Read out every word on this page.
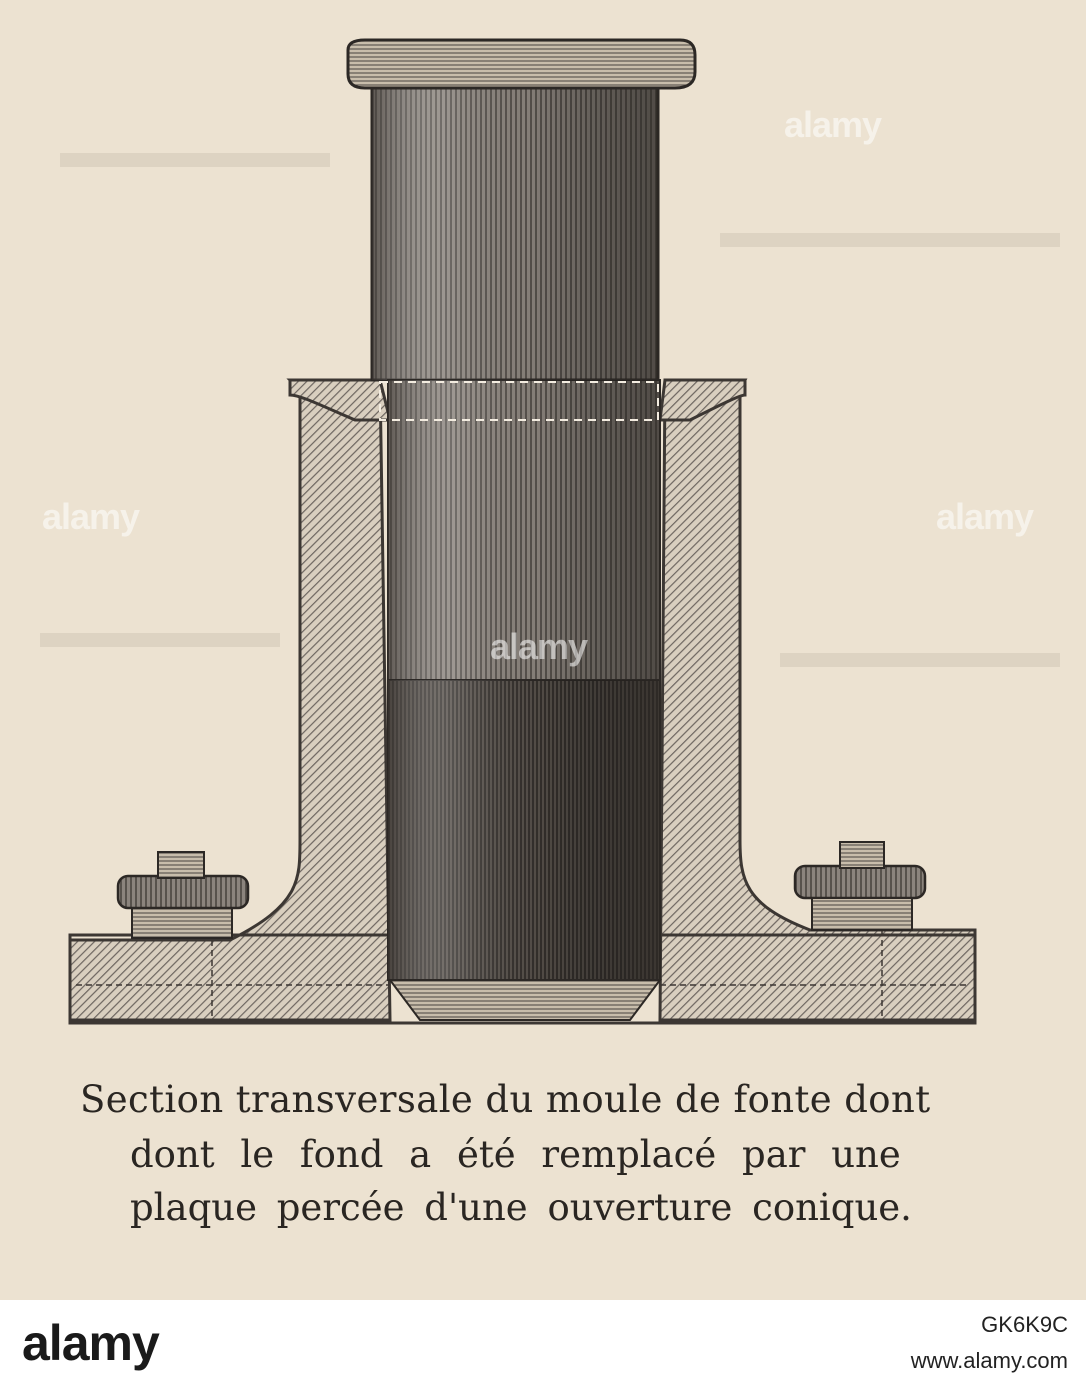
alamy
alamy
alamy
alamy
Section transversale du moule de fonte dont
dont le fond a été remplacé par une
plaque percée d'une ouverture conique.
alamy	GK6K9C
www.alamy.com
